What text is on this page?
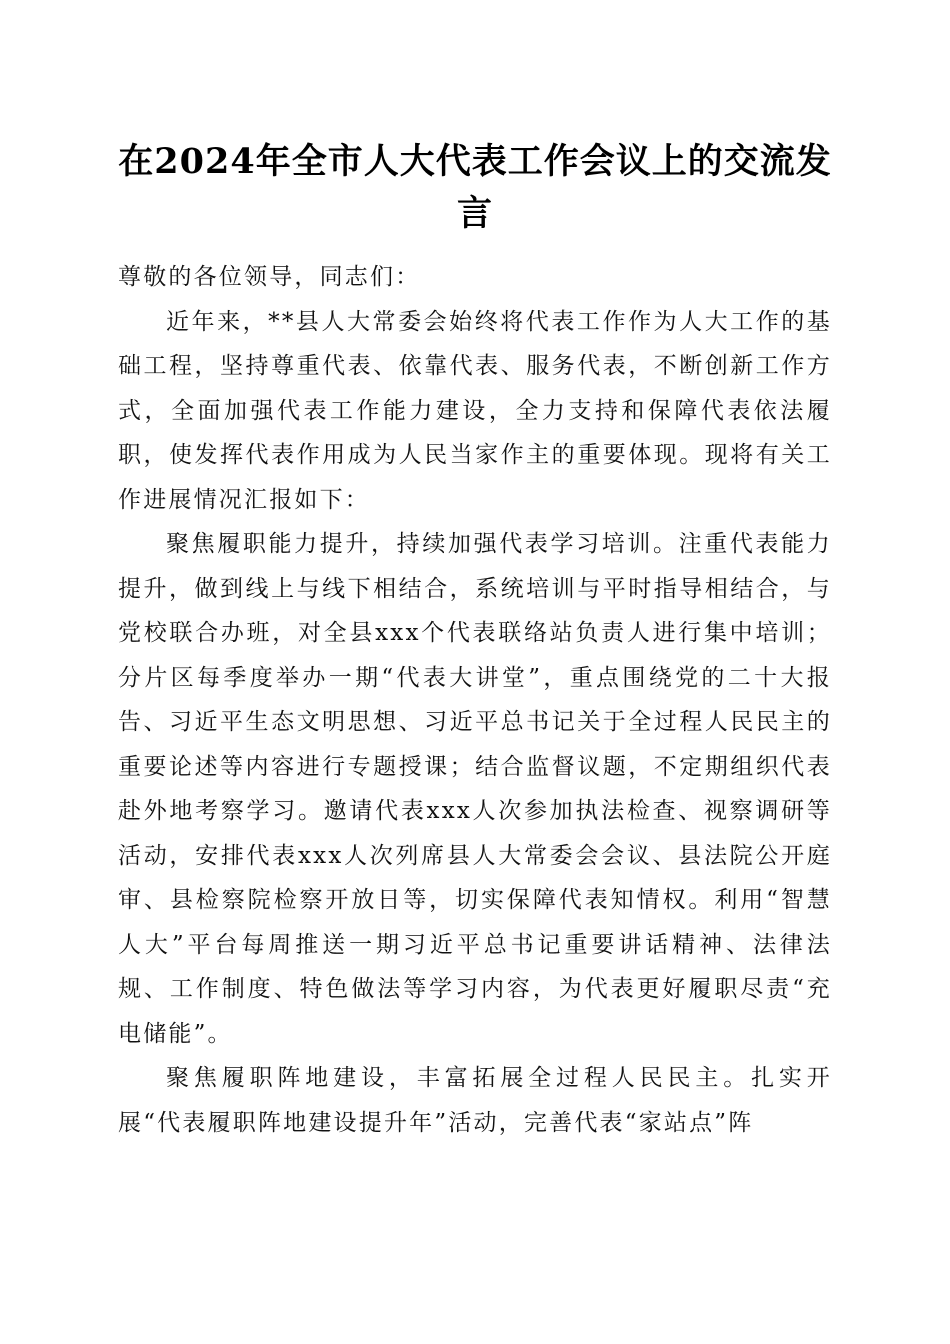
在2024年全市人大代表工作会议上的交流发言

尊敬的各位领导，同志们：

近年来，**县人大常委会始终将代表工作作为人大工作的基础工程，坚持尊重代表、依靠代表、服务代表，不断创新工作方式，全面加强代表工作能力建设，全力支持和保障代表依法履职，使发挥代表作用成为人民当家作主的重要体现。现将有关工作进展情况汇报如下：

聚焦履职能力提升，持续加强代表学习培训。注重代表能力提升，做到线上与线下相结合，系统培训与平时指导相结合，与党校联合办班，对全县xxx个代表联络站负责人进行集中培训；分片区每季度举办一期“代表大讲堂”，重点围绕党的二十大报告、习近平生态文明思想、习近平总书记关于全过程人民民主的重要论述等内容进行专题授课；结合监督议题，不定期组织代表赴外地考察学习。邀请代表xxx人次参加执法检查、视察调研等活动，安排代表xxx人次列席县人大常委会会议、县法院公开庭审、县检察院检察开放日等，切实保障代表知情权。利用“智慧人大”平台每周推送一期习近平总书记重要讲话精神、法律法规、工作制度、特色做法等学习内容，为代表更好履职尽责“充电储能”。

聚焦履职阵地建设，丰富拓展全过程人民民主。扎实开展“代表履职阵地建设提升年”活动，完善代表“家站点”阵
